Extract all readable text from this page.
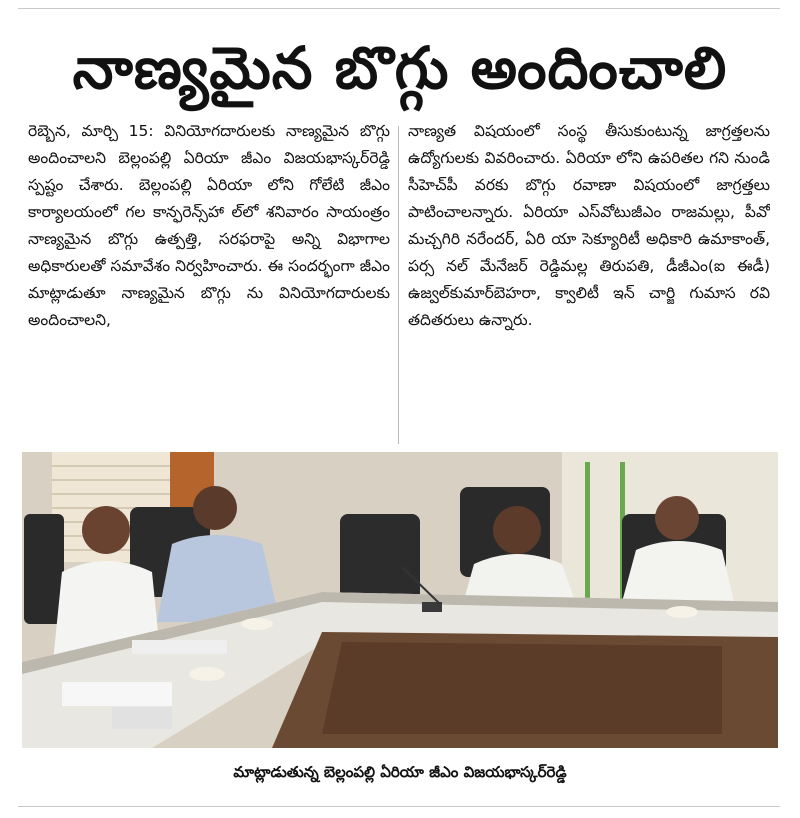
నాణ్యమైన బొగ్గు అందించాలి

రెబ్బెన, మార్చి 15: వినియోగదారులకు నాణ్యమైన బొగ్గు అందించాలని బెల్లంపల్లి ఏరియా జీఎం విజయభాస్కర్‌రెడ్డి స్పష్టం చేశారు. బెల్లంపల్లి ఏరియా లోని గోలేటి జీఎం కార్యాలయంలో గల కాన్ఫరెన్స్‌హా ల్‌లో శనివారం సాయంత్రం నాణ్యమైన బొగ్గు ఉత్పత్తి, సరఫరాపై అన్ని విభాగాల అధికారులతో సమావేశం నిర్వహించారు. ఈ సందర్భంగా జీఎం మాట్లాడుతూ నాణ్యమైన బొగ్గు ను వినియోగదారులకు అందించాలని,

నాణ్యత విషయంలో సంస్థ తీసుకుంటున్న జాగ్రత్తలను ఉద్యోగులకు వివరించారు. ఏరియా లోని ఉపరితల గని నుండి సీహెచ్‌పీ వరకు బొగ్గు రవాణా విషయంలో జాగ్రత్తలు పాటించాలన్నారు. ఏరియా ఎస్‌వోటుజీఎం రాజమల్లు, పీవో మచ్చగిరి నరేందర్, ఏరి యా సెక్యూరిటీ అధికారి ఉమాకాంత్, పర్స నల్ మేనేజర్ రెడ్డిమల్ల తిరుపతి, డీజీఎం(ఐ ఈడీ) ఉజ్వల్‌కుమార్‌బెహరా, క్వాలిటీ ఇన్ చార్జి గుమాస రవి తదితరులు ఉన్నారు.

మాట్లాడుతున్న బెల్లంపల్లి ఏరియా జీఎం విజయభాస్కర్‌రెడ్డి
